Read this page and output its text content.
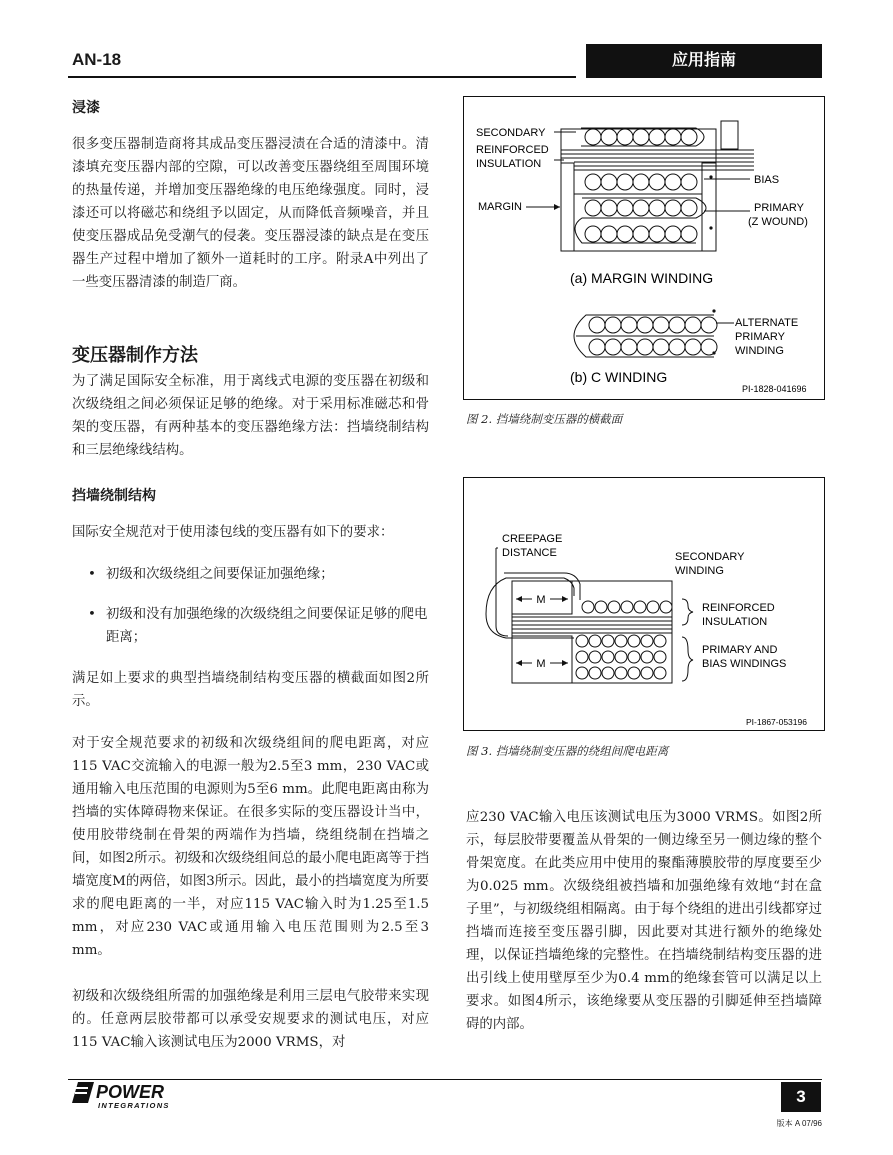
AN-18	应用指南
浸漆
很多变压器制造商将其成品变压器浸渍在合适的清漆中。清漆填充变压器内部的空隙，可以改善变压器绕组至周围环境的热量传递，并增加变压器绝缘的电压绝缘强度。同时，浸漆还可以将磁芯和绕组予以固定，从而降低音频噪音，并且使变压器成品免受潮气的侵袭。变压器浸漆的缺点是在变压器生产过程中增加了额外一道耗时的工序。附录A中列出了一些变压器清漆的制造厂商。
变压器制作方法
为了满足国际安全标准，用于离线式电源的变压器在初级和次级绕组之间必须保证足够的绝缘。对于采用标准磁芯和骨架的变压器，有两种基本的变压器绝缘方法：挡墙绕制结构和三层绝缘线结构。
挡墙绕制结构
国际安全规范对于使用漆包线的变压器有如下的要求：
• 初级和次级绕组之间要保证加强绝缘；
• 初级和没有加强绝缘的次级绕组之间要保证足够的爬电距离；
满足如上要求的典型挡墙绕制结构变压器的横截面如图2所示。
对于安全规范要求的初级和次级绕组间的爬电距离，对应115 VAC交流输入的电源一般为2.5至3 mm，230 VAC或通用输入电压范围的电源则为5至6 mm。此爬电距离由称为挡墙的实体障碍物来保证。在很多实际的变压器设计当中，使用胶带绕制在骨架的两端作为挡墙，绕组绕制在挡墙之间，如图2所示。初级和次级绕组间总的最小爬电距离等于挡墙宽度M的两倍，如图3所示。因此，最小的挡墙宽度为所要求的爬电距离的一半，对应115 VAC输入时为1.25至1.5 mm，对应230 VAC或通用输入电压范围则为2.5至3 mm。
初级和次级绕组所需的加强绝缘是利用三层电气胶带来实现的。任意两层胶带都可以承受安规要求的测试电压，对应115 VAC输入该测试电压为2000 VRMS，对
SECONDARY
REINFORCED
INSULATION
MARGIN
BIAS
PRIMARY
(Z WOUND)
(a) MARGIN WINDING
ALTERNATE
PRIMARY
WINDING
(b) C WINDING
PI-1828-041696
图 2. 挡墙绕制变压器的横截面
M
M
CREEPAGE
DISTANCE	SECONDARY
WINDING
REINFORCED
INSULATION
PRIMARY AND
BIAS WINDINGS
PI-1867-053196
图 3. 挡墙绕制变压器的绕组间爬电距离
应230 VAC输入电压该测试电压为3000 VRMS。如图2所示，每层胶带要覆盖从骨架的一侧边缘至另一侧边缘的整个骨架宽度。在此类应用中使用的聚酯薄膜胶带的厚度要至少为0.025 mm。次级绕组被挡墙和加强绝缘有效地“封在盒子里”，与初级绕组相隔离。由于每个绕组的进出引线都穿过挡墙而连接至变压器引脚，因此要对其进行额外的绝缘处理，以保证挡墙绝缘的完整性。在挡墙绕制结构变压器的进出引线上使用壁厚至少为0.4 mm的绝缘套管可以满足以上要求。如图4所示，该绝缘要从变压器的引脚延伸至挡墙障碍的内部。
POWER
INTEGRATIONS	3
版本 A 07/96
